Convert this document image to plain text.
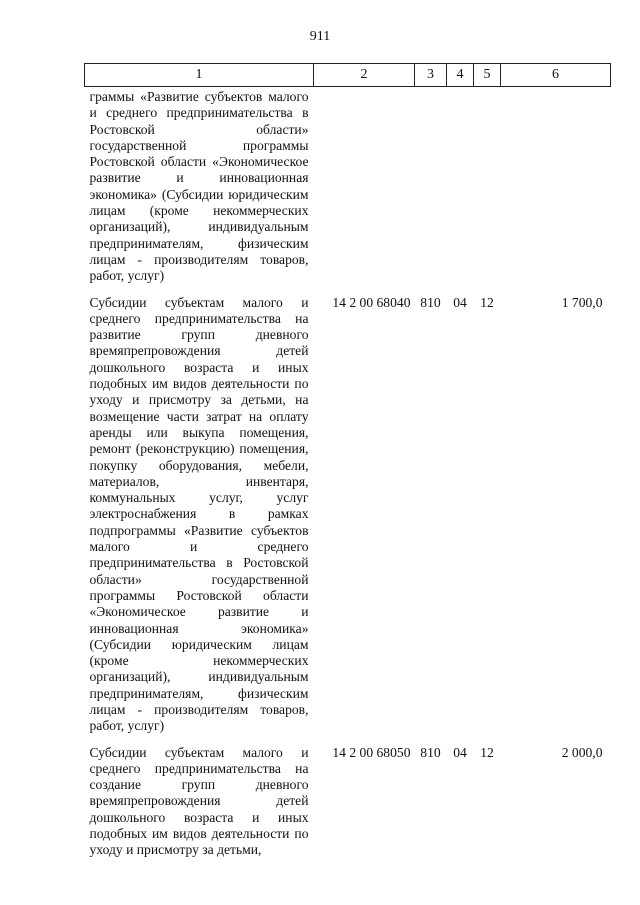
911
1	2	3	4	5	6
граммы «Развитие субъектов малого и среднего предпринимательства в Ростовской области» государственной программы Ростовской области «Экономическое развитие и инновационная экономика» (Субсидии юридическим лицам (кроме некоммерческих организаций), индивидуальным предпринимателям, физическим лицам - производителям товаров, работ, услуг)					
Субсидии субъектам малого и среднего предпринимательства на развитие групп дневного времяпрепровождения детей дошкольного возраста и иных подобных им видов деятельности по уходу и присмотру за детьми, на возмещение части затрат на оплату аренды или выкупа помещения, ремонт (реконструкцию) помещения, покупку оборудования, мебели, материалов, инвентаря, коммунальных услуг, услуг электроснабжения в рамках подпрограммы «Развитие субъектов малого и среднего предпринимательства в Ростовской области» государственной программы Ростовской области «Экономическое развитие и инновационная экономика» (Субсидии юридическим лицам (кроме некоммерческих организаций), индивидуальным предпринимателям, физическим лицам - производителям товаров, работ, услуг)	14 2 00 68040	810	04	12	1 700,0
Субсидии субъектам малого и среднего предпринимательства на создание групп дневного времяпрепровождения детей дошкольного возраста и иных подобных им видов деятельности по уходу и присмотру за детьми,	14 2 00 68050	810	04	12	2 000,0
